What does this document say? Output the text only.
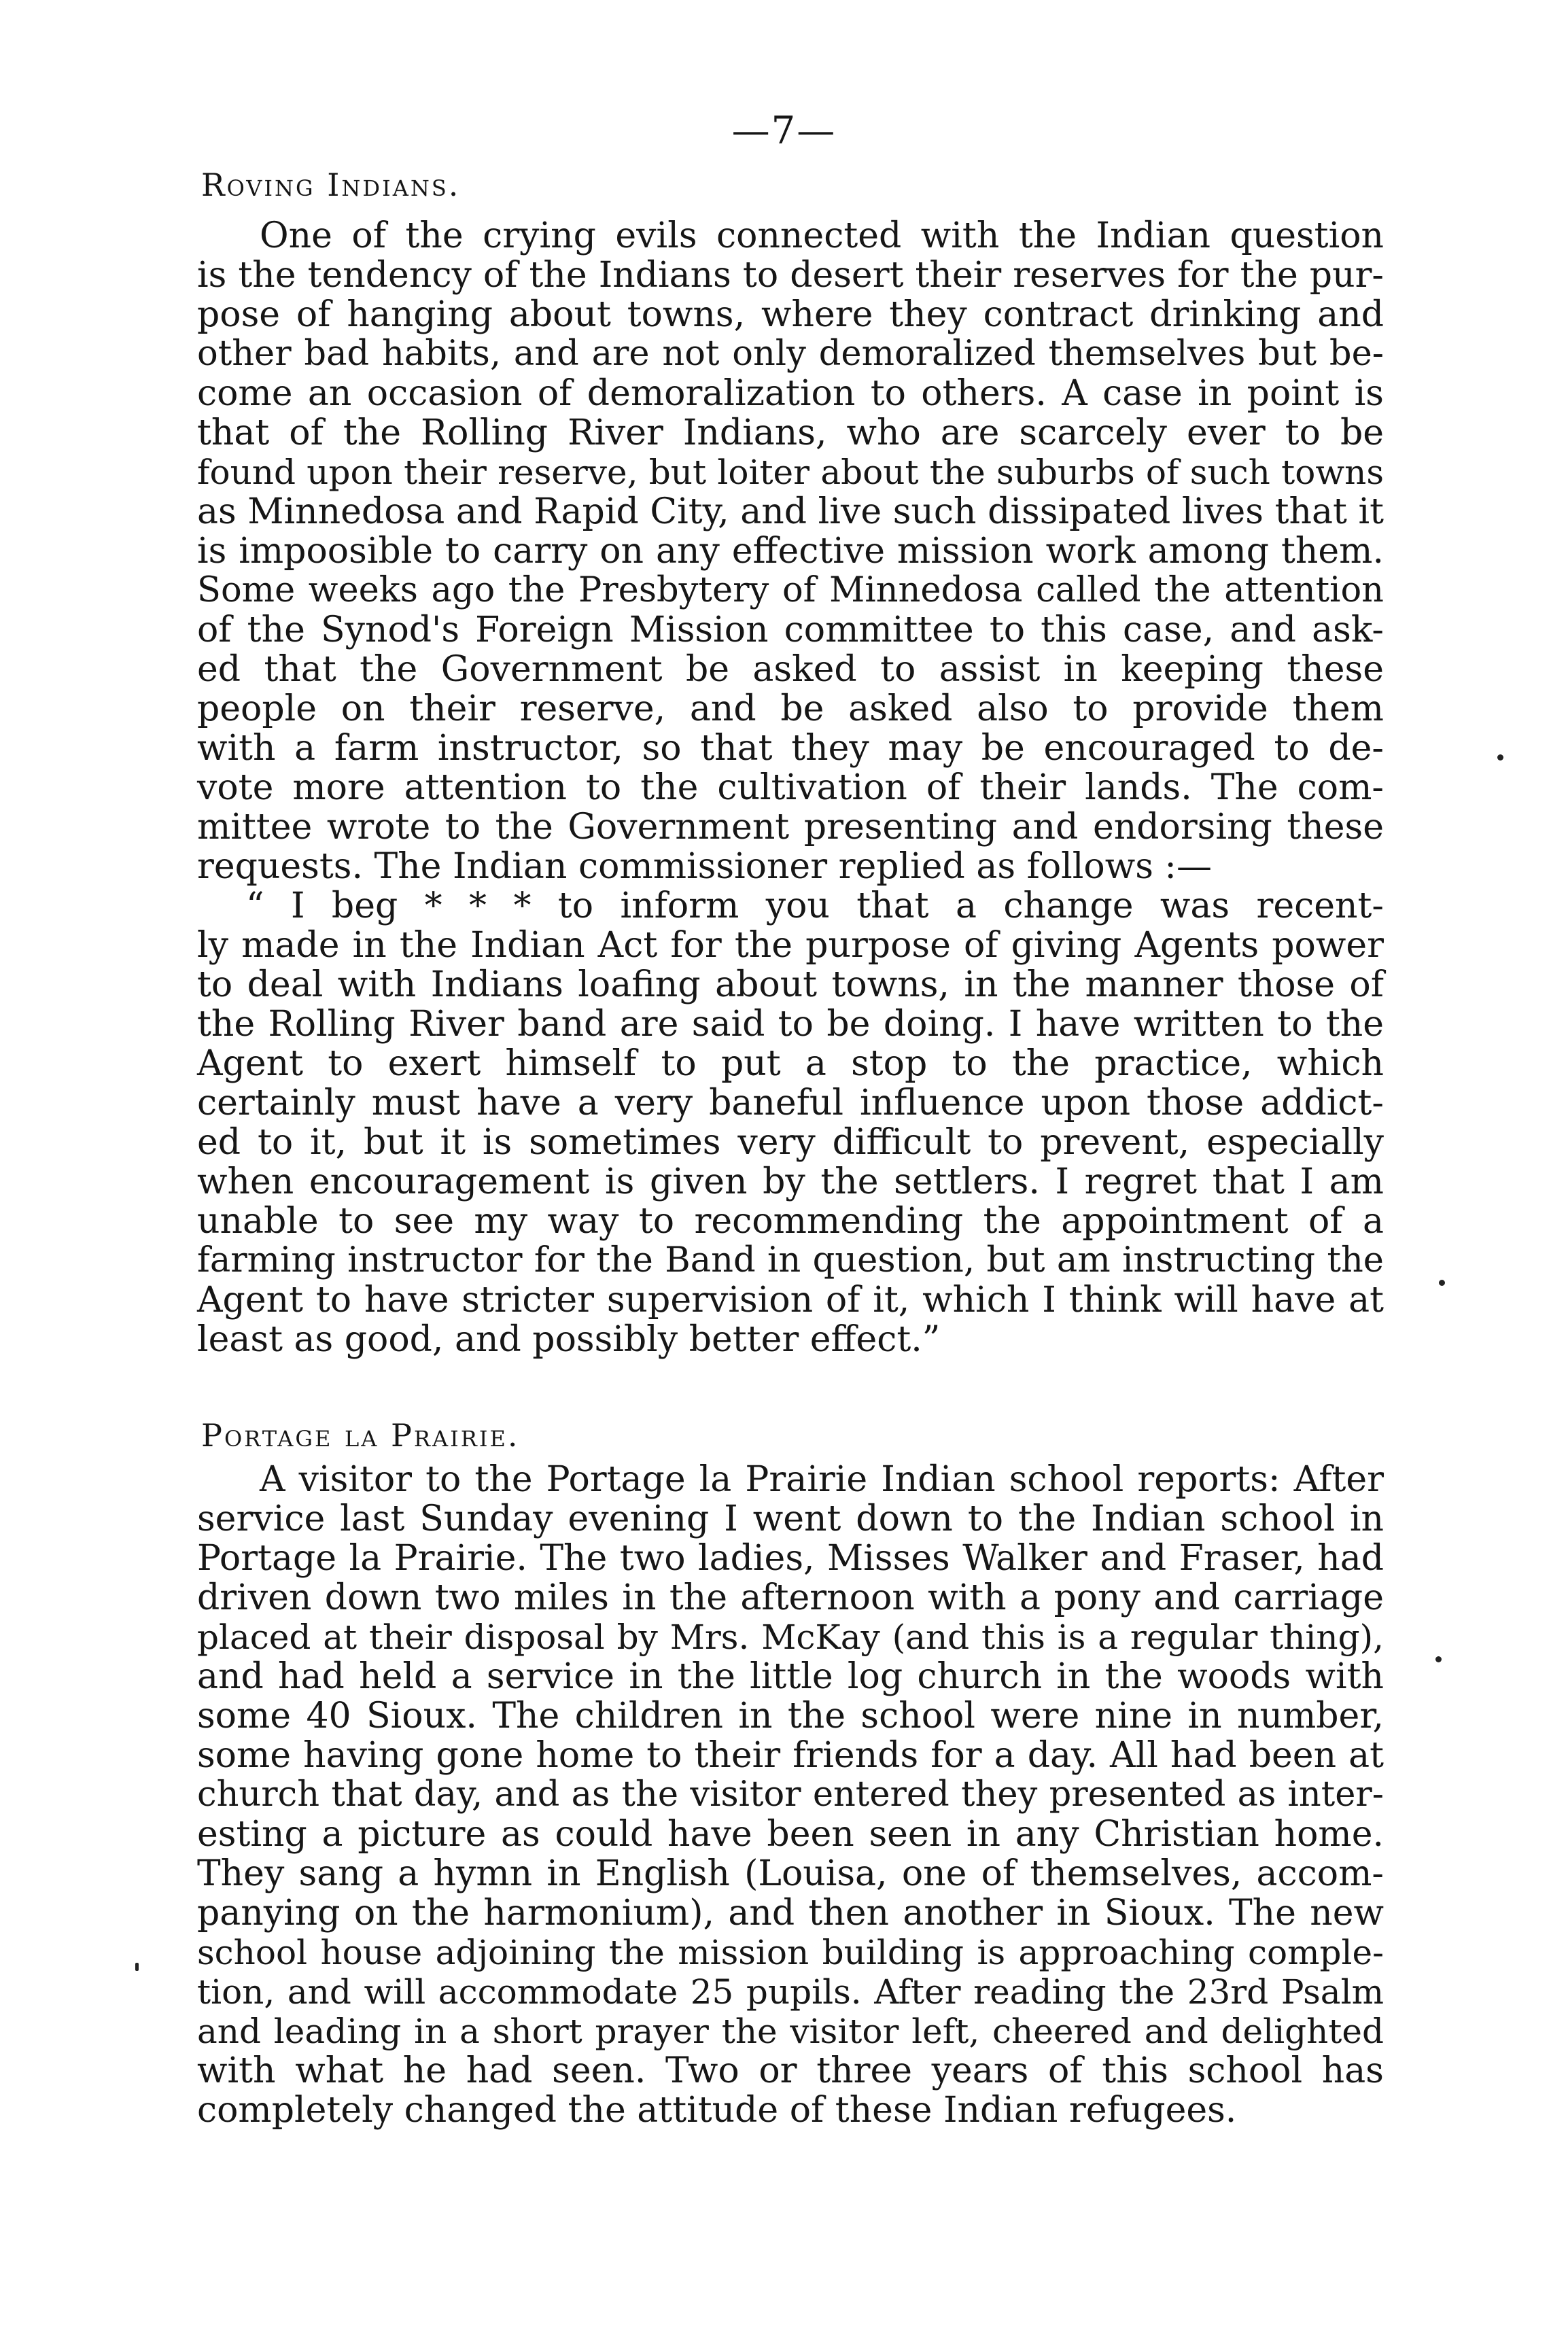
—7—
Roving Indians.
One of the crying evils connected with the Indian question
is the tendency of the Indians to desert their reserves for the pur-
pose of hanging about towns, where they contract drinking and
other bad habits, and are not only demoralized themselves but be-
come an occasion of demoralization to others. A case in point is
that of the Rolling River Indians, who are scarcely ever to be
found upon their reserve, but loiter about the suburbs of such towns
as Minnedosa and Rapid City, and live such dissipated lives that it
is impoosible to carry on any effective mission work among them.
Some weeks ago the Presbytery of Minnedosa called the attention
of the Synod's Foreign Mission committee to this case, and ask-
ed that the Government be asked to assist in keeping these
people on their reserve, and be asked also to provide them
with a farm instructor, so that they may be encouraged to de-
vote more attention to the cultivation of their lands. The com-
mittee wrote to the Government presenting and endorsing these
requests. The Indian commissioner replied as follows :—
“ I beg * * * to inform you that a change was recent-
ly made in the Indian Act for the purpose of giving Agents power
to deal with Indians loafing about towns, in the manner those of
the Rolling River band are said to be doing. I have written to the
Agent to exert himself to put a stop to the practice, which
certainly must have a very baneful influence upon those addict-
ed to it, but it is sometimes very difficult to prevent, especially
when encouragement is given by the settlers. I regret that I am
unable to see my way to recommending the appointment of a
farming instructor for the Band in question, but am instructing the
Agent to have stricter supervision of it, which I think will have at
least as good, and possibly better effect.”
Portage la Prairie.
A visitor to the Portage la Prairie Indian school reports: After
service last Sunday evening I went down to the Indian school in
Portage la Prairie. The two ladies, Misses Walker and Fraser, had
driven down two miles in the afternoon with a pony and carriage
placed at their disposal by Mrs. McKay (and this is a regular thing),
and had held a service in the little log church in the woods with
some 40 Sioux. The children in the school were nine in number,
some having gone home to their friends for a day. All had been at
church that day, and as the visitor entered they presented as inter-
esting a picture as could have been seen in any Christian home.
They sang a hymn in English (Louisa, one of themselves, accom-
panying on the harmonium), and then another in Sioux. The new
school house adjoining the mission building is approaching comple-
tion, and will accommodate 25 pupils. After reading the 23rd Psalm
and leading in a short prayer the visitor left, cheered and delighted
with what he had seen. Two or three years of this school has
completely changed the attitude of these Indian refugees.
